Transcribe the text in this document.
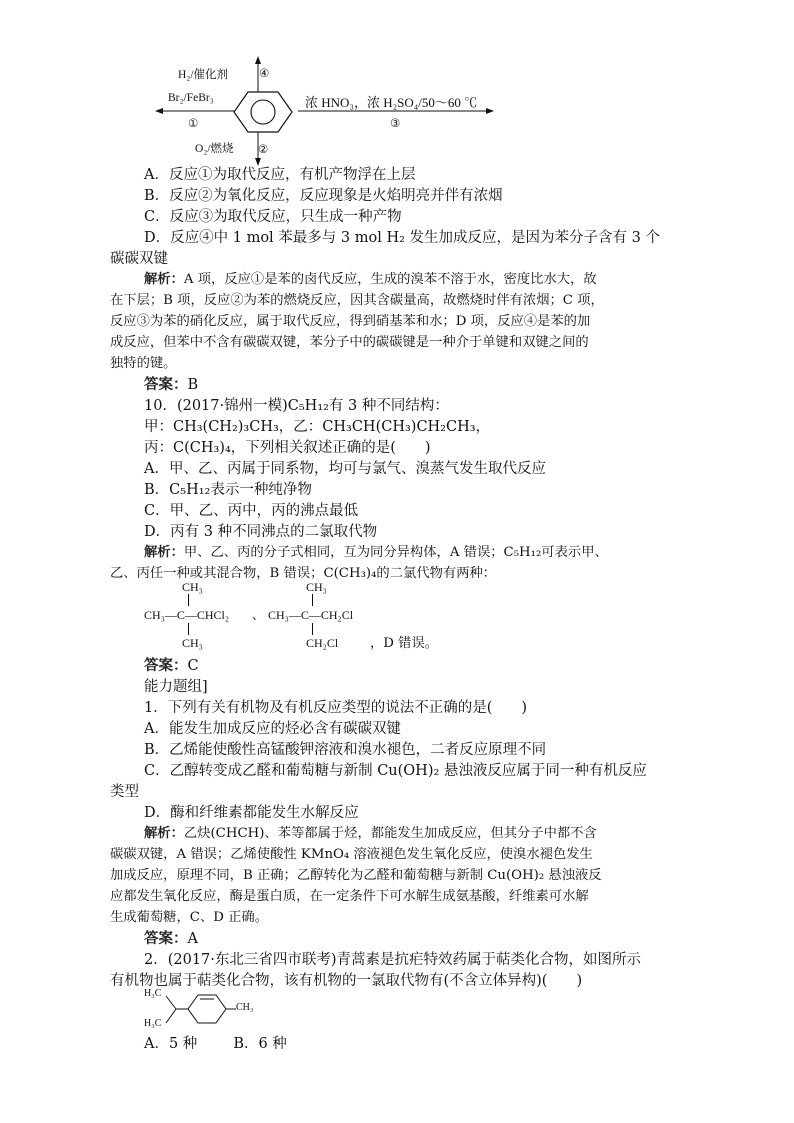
H₂/催化剂	④
Br₂/FeBr₃
①
浓 HNO₃，浓 H₂SO₄/50～60 ℃
③
O₂/燃烧 ②
A．反应①为取代反应，有机产物浮在上层
B．反应②为氧化反应，反应现象是火焰明亮并伴有浓烟
C．反应③为取代反应，只生成一种产物
D．反应④中 1 mol 苯最多与 3 mol H₂ 发生加成反应，是因为苯分子含有 3 个
碳碳双键
解析：A 项，反应①是苯的卤代反应，生成的溴苯不溶于水，密度比水大，故
在下层；B 项，反应②为苯的燃烧反应，因其含碳量高，故燃烧时伴有浓烟；C 项，
反应③为苯的硝化反应，属于取代反应，得到硝基苯和水；D 项，反应④是苯的加
成反应，但苯中不含有碳碳双键，苯分子中的碳碳键是一种介于单键和双键之间的
独特的键。
答案：B
10．(2017·锦州一模)C₅H₁₂有 3 种不同结构：
甲：CH₃(CH₂)₃CH₃，乙：CH₃CH(CH₃)CH₂CH₃，
丙：C(CH₃)₄，下列相关叙述正确的是(　　)
A．甲、乙、丙属于同系物，均可与氯气、溴蒸气发生取代反应
B．C₅H₁₂表示一种纯净物
C．甲、乙、丙中，丙的沸点最低
D．丙有 3 种不同沸点的二氯取代物
解析：甲、乙、丙的分子式相同，互为同分异构体，A 错误；C₅H₁₂可表示甲、
乙、丙任一种或其混合物，B 错误；C(CH₃)₄的二氯代物有两种：
CH₃
CH₃—C—CHCl₂
CH₃
、
CH₃
CH₃—C—CH₂Cl
CH₂Cl ，D 错误。
答案：C
能力题组]
1．下列有关有机物及有机反应类型的说法不正确的是(　　)
A．能发生加成反应的烃必含有碳碳双键
B．乙烯能使酸性高锰酸钾溶液和溴水褪色，二者反应原理不同
C．乙醇转变成乙醛和葡萄糖与新制 Cu(OH)₂ 悬浊液反应属于同一种有机反应
类型
D．酶和纤维素都能发生水解反应
解析：乙炔(CHCH)、苯等都属于烃，都能发生加成反应，但其分子中都不含
碳碳双键，A 错误；乙烯使酸性 KMnO₄ 溶液褪色发生氧化反应，使溴水褪色发生
加成反应，原理不同，B 正确；乙醇转化为乙醛和葡萄糖与新制 Cu(OH)₂ 悬浊液反
应都发生氧化反应，酶是蛋白质，在一定条件下可水解生成氨基酸，纤维素可水解
生成葡萄糖，C、D 正确。
答案：A
2．(2017·东北三省四市联考)青蒿素是抗疟特效药属于萜类化合物，如图所示
有机物也属于萜类化合物，该有机物的一氯取代物有(不含立体异构)(　　)
H₃C
H₃C
CH₃
A．5 种 B．6 种
